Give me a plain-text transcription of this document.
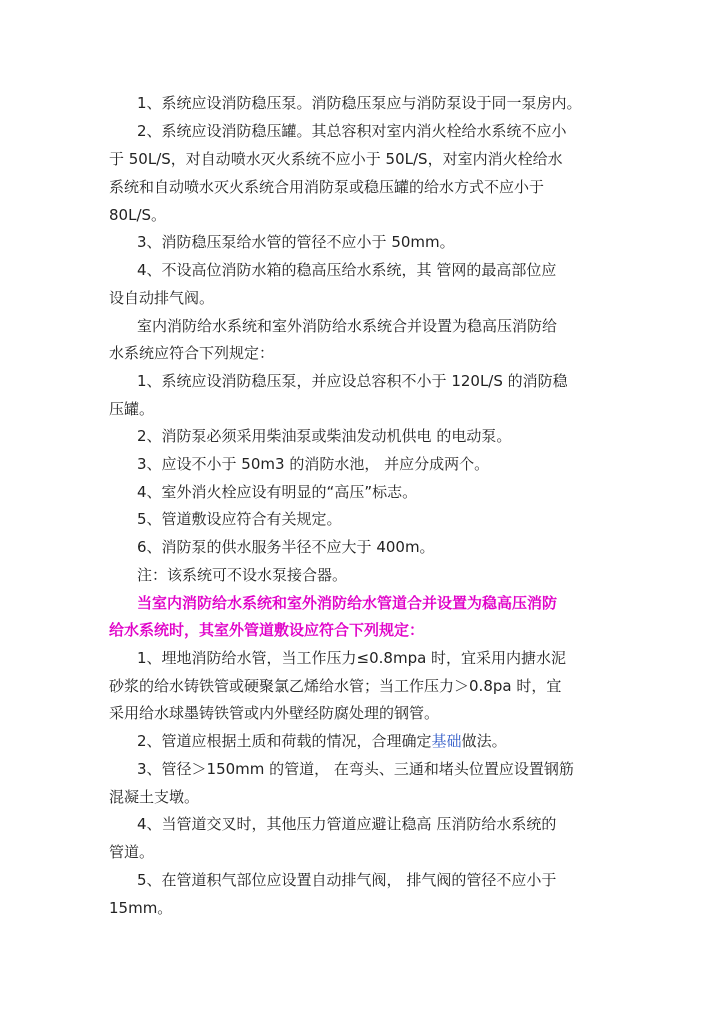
1、系统应设消防稳压泵。消防稳压泵应与消防泵设于同一泵房内。
2、系统应设消防稳压罐。其总容积对室内消火栓给水系统不应小
于 50L/S，对自动喷水灭火系统不应小于 50L/S，对室内消火栓给水
系统和自动喷水灭火系统合用消防泵或稳压罐的给水方式不应小于
80L/S。
3、消防稳压泵给水管的管径不应小于 50mm。
4、不设高位消防水箱的稳高压给水系统，其 管网的最高部位应
设自动排气阀。
室内消防给水系统和室外消防给水系统合并设置为稳高压消防给
水系统应符合下列规定：
1、系统应设消防稳压泵，并应设总容积不小于 120L/S 的消防稳
压罐。
2、消防泵必须采用柴油泵或柴油发动机供电 的电动泵。
3、应设不小于 50m3 的消防水池， 并应分成两个。
4、室外消火栓应设有明显的“高压”标志。
5、管道敷设应符合有关规定。
6、消防泵的供水服务半径不应大于 400m。
注：该系统可不设水泵接合器。
当室内消防给水系统和室外消防给水管道合并设置为稳高压消防
给水系统时，其室外管道敷设应符合下列规定：
1、埋地消防给水管，当工作压力≤0.8mpa 时，宜采用内搪水泥
砂浆的给水铸铁管或硬聚氯乙烯给水管；当工作压力＞0.8pa 时，宜
采用给水球墨铸铁管或内外壁经防腐处理的钢管。
2、管道应根据土质和荷载的情况，合理确定基础做法。
3、管径＞150mm 的管道， 在弯头、三通和堵头位置应设置钢筋
混凝土支墩。
4、当管道交叉时，其他压力管道应避让稳高 压消防给水系统的
管道。
5、在管道积气部位应设置自动排气阀， 排气阀的管径不应小于
15mm。
